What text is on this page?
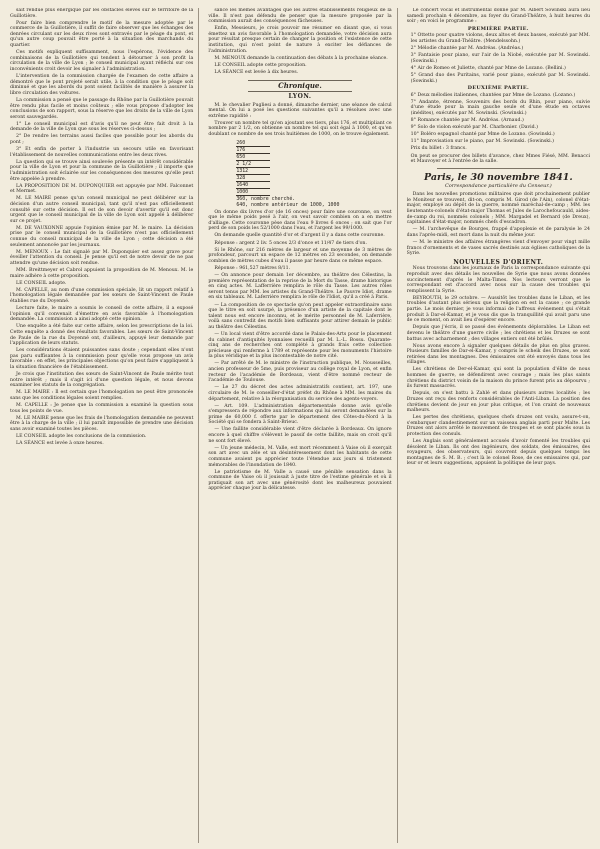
sait rendue plus énergique par les obstacles élevés sur le territoire de la Guillotière.

Pour faire bien comprendre le motif de la mesure adoptée par le commerce de la Guillotière, il suffit de faire observer que les échanges des denrées circulant sur les deux rives sont entravés par le péage du pont, et qu'un autre coup pouvait être porté à la situation des marchands du quartier.

Ces motifs expliquent suffisamment, nous l'espérons, l'évidence des combinaisons de la Guillotière qui tendent à détourner à son profit la circulation de la ville de Lyon ; le conseil municipal ayant réfléchi sur ces inconvénients croit devoir les signaler à l'administration.

L'intervention de la commission chargée de l'examen de cette affaire a démontré que le pont projeté serait utile, à la condition que le péage soit diminué et que les abords du pont soient facilités de manière à assurer la libre circulation des voitures.

La commission a pensé que le passage du Rhône par la Guillotière pouvait être rendu plus facile et moins coûteux ; elle vous propose d'adopter les conclusions de son rapport, sous la réserve que les droits de la ville de Lyon seront sauvegardés.

1° Le conseil municipal est d'avis qu'il ne peut être fait droit à la demande de la ville de Lyon que sous les réserves ci-dessus ;

2° De rendre les terrains aussi faciles que possible pour les abords du pont ;

3° Et enfin de porter à l'industrie un secours utile en favorisant l'établissement de nouvelles communications entre les deux rives.

La question qui se trouve ainsi soulevée présente un intérêt considérable pour la ville de Lyon et pour la commune de la Guillotière ; il importe que l'administration soit éclairée sur les conséquences des mesures qu'elle peut être appelée à prendre.

LA PROPOSITION DE M. DUPONQUIER est appuyée par MM. Falconnet et Mermet.

M. LE MAIRE pense qu'un conseil municipal ne peut délibérer sur la décision d'un autre conseil municipal, tant qu'il n'est pas officiellement consulté sur cette décision. Il est de son devoir d'avertir qu'il est donc urgent que le conseil municipal de la ville de Lyon soit appelé à délibérer sur ce projet.

M. DE VAUXONNE appuie l'opinion émise par M. le maire. La décision prise par le conseil municipal de la Guillotière n'est pas officiellement connue du conseil municipal de la ville de Lyon ; cette décision a été seulement annoncée par les journaux.

M. MENOUX : Le fait signalé par M. Duponquier est assez grave pour éveiller l'attention du conseil. Je pense qu'il est de notre devoir de ne pas attendre qu'une décision soit rendue.

MM. Breittmeyer et Cabrol appuient la proposition de M. Menoux. M. le maire adhère à cette proposition.

LE CONSEIL adopte.

M. CAPELLE, au nom d'une commission spéciale, lit un rapport relatif à l'homologation légale demandée par les sœurs de Saint-Vincent de Paule établies rue du Doyenné.

Lecture faite, le maire a soumis le conseil de cette affaire, il a exposé l'opinion qu'il convenait d'émettre en avis favorable à l'homologation demandée. La commission a ainsi adopté cette opinion.

Une enquête a été faite sur cette affaire, selon les prescriptions de la loi. Cette enquête a donné des résultats favorables. Les sœurs de Saint-Vincent de Paule de la rue du Doyenné ont, d'ailleurs, appuyé leur demande par l'application de leurs statuts.

Les considérations étaient puissantes sans doute ; cependant elles n'ont pas paru suffisantes à la commission pour qu'elle vous propose un avis favorable : en effet, les principales objections qu'on peut faire s'appliquent à la situation financière de l'établissement.

Je crois que l'institution des sœurs de Saint-Vincent de Paule mérite tout notre intérêt ; mais il s'agit ici d'une question légale, et nous devons examiner les statuts de la congrégation.

M. LE MAIRE : Il est certain que l'homologation ne peut être prononcée sans que les conditions légales soient remplies.

M. CAPELLE : Je pense que la commission a examiné la question sous tous les points de vue.

M. LE MAIRE pense que les frais de l'homologation demandée ne peuvent être à la charge de la ville ; il lui paraît impossible de prendre une décision sans avoir examiné toutes les pièces.

LE CONSEIL adopte les conclusions de la commission.

LA SÉANCE est levée à onze heures.

sance les mêmes avantages que les autres établissements religieux de la ville. Il n'est pas défendu de penser que la mesure proposée par la commission aurait des conséquences fâcheuses.

Enfin, Messieurs, je crois pouvoir me résumer en disant que, si vous émettez un avis favorable à l'homologation demandée, votre décision aura pour résultat presque certain de changer la position et l'existence de cette institution, qui n'est point de nature à exciter les défiances de l'administration.

M. MENOUX demande la continuation des débats à la prochaine séance.

LE CONSEIL adopte cette proposition.

LA SÉANCE est levée à dix heures.

Chronique.
LYON.

M. le chevalier Pugliesi a donné, dimanche dernier, une séance de calcul mental. On lui a posé les questions suivantes qu'il a résolues avec une extrême rapidité :

Trouver un nombre tel qu'en ajoutant ses tiers, plus 176, et multipliant ce nombre par 2 1/2, on obtienne un nombre tel qui soit égal à 1000, et qu'en doublant ce nombre de ses trois huitièmes de 1000, on le trouve également.

260
176
650
2 1/2
1312
328
1640
1000
360, nombre cherché.
640, nombre antérieur de 1000, 1000

On donne dix livres d'or (de 16 onces) pour faire une couronne, on veut que le même poids pesé à l'air, on veut savoir combien on a en mettre d'alliage. Cette couronne pèse dans l'eau 9 livres 6 onces ; on sait que l'or perd de son poids les 52/1000 dans l'eau, et l'argent les 99/1000.

On demande quelle quantité d'or et d'argent il y a dans cette couronne.

Réponse : argent 2 liv. 5 onces 2/3 d'once et 11/47 de tiers d'on.

Si le Rhône, sur 216 mètres de largeur et une moyenne de 3 mètres de profondeur, parcourt un espace de 12 mètres en 23 secondes, on demande combien de mètres cubes d'eau il passe par heure dans ce même espace.

Réponse : 961,527 mètres 8/11.

— On annonce pour demain 1er décembre, au théâtre des Célestins, la première représentation de la reprise de la Mort du Tasse, drame historique en cinq actes. M. Lafferrière remplira le rôle du Tasse. Les autres rôles seront tenus par MM. les artistes du Grand-Théâtre. Le Pauvre Idiot, drame en six tableaux. M. Laferrière remplira le rôle de l'Idiot, qu'il a créé à Paris.

— La composition de ce spectacle qu'on peut appeler extraordinaire sans que le titre en soit usurpé, la présence d'un artiste de la capitale dont le talent nous est encore inconnu, et le mérite personnel de M. Laferrière, voilà sans contredit des motifs bien suffisants pour attirer demain le public au théâtre des Célestins.

— Un local vient d'être accordé dans le Palais-des-Arts pour le placement du cabinet d'antiquités lyonnaises recueilli par M. L.-L. Bossu. Quarante-cinq ans de recherches ont complété à grands frais cette collection précieuse qui renferme à 1789 et représente pour les monuments l'histoire la plus véridique et la plus incontestable de notre cité.

— Par arrêté de M. le ministre de l'instruction publique, M. Nousseilles, ancien professeur de 5me, puis proviseur au collège royal de Lyon, et enfin recteur de l'académie de Bordeaux, vient d'être nommé recteur de l'académie de Toulouse.

— Le 27 du décret des actes administratifs contient, art. 197, une circulaire de M. le conseiller-d'état préfet du Rhône à MM. les maires du département, relative à la réorganisation du service des agents-voyers.

— Art. 109. L'administration départementale donne avis qu'elle s'empressera de répondre aux informations qui lui seront demandées sur la prime de 60,000 f. offerte par le département des Côtes-du-Nord à la Société qui se fondera à Saint-Brieuc.

— Une faillite considérable vient d'être déclarée à Bordeaux. On ignore encore à quel chiffre s'élèvent le passif de cette faillite, mais on croit qu'il ne sont fort élevé.

— Un jeune médecin, M. Valle, est mort récemment à Vaise où il exerçait son art avec un zèle et un désintéressement dont les habitants de cette commune avaient pu apprécier toute l'étendue aux jours si tristement mémorables de l'inondation de 1840.

Le patriotisme de M. Valle a causé une pénible sensation dans la commune de Vaise où il jouissait à juste titre de l'estime générale et où il pratiquait son art avec une générosité dont les malheureux pouvaient apprécier chaque jour la délicatesse.

Le concert vocal et instrumental donné par M. Albert Sowinski aura lieu samedi prochain 4 décembre, au foyer du Grand-Théâtre, à huit heures du soir ; en voici le programme :

PREMIÈRE PARTIE.

1° Ottetto pour quatre violons, deux altos et deux basses, exécuté par MM. les artistes du Grand-Théâtre. (Mendelssohn.)

2° Mélodie chantée par M. Andréas. (Andréas.)

3° Fantaisie pour piano, sur l'air de la Niobé, exécutée par M. Sowinski. (Sowinski.)

4° Air de Romeo et Juliette, chanté par Mme de Lozano. (Bellini.)

5° Grand duo des Puritains, varié pour piano, exécuté par M. Sowinski. (Sowinski.)

DEUXIÈME PARTIE.

6° Deux mélodies italiennes, chantées par Mme de Lozano. (Lozano.)

7° Andante, étrenne, Souvenirs des bords du Rhin, pour piano, suivie d'une étude pour la main gauche seule et d'une étude en octaves (inédites), exécutés par M. Sowinski. (Sowinski.)

8° Romance chantée par M. Andréas. (Arnaud.)

9° Solo de violon exécuté par M. Charbonier. (David.)

10° Boléro espagnol chanté par Mme de Lozano. (Sowinski.)

11° Improvisation sur le piano, par M. Sowinski. (Sowinski.)

Prix du billet : 3 francs.

On peut se procurer des billets d'avance, chez Mmes Fiésé, MM. Benacci et Mauvoyer et à l'entrée de la salle.

Paris, le 30 novembre 1841.
Correspondance particulière du Censeur.)

Dans les nouvelles promotions militaires que doit prochainement publier le Moniteur se trouvent, dit-on, compris M. Girod (de l'Ain), colonel d'état-major, employé au dépôt de la guerre, nommé maréchal-de-camp ; MM. les lieutenants-colonels d'état-major Thomas et Jules de Larochefoucauld, aides-de-camp du roi, nommés colonels ; MM. Margadel et Bernard (de Dreux), capitaines d'état-major, nommés chefs d'escadron.

— M. l'archevêque de Bourges, frappé d'apoplexie et de paralysie le 24 dans l'après-midi, est mort dans la nuit du même jour.

— M. le ministre des affaires étrangères vient d'envoyer pour vingt mille francs d'ornements et de vases sacrés destinés aux églises catholiques de la Syrie.

NOUVELLES D'ORIENT.

Nous trouvons dans les journaux de Paris la correspondance suivante qui reproduit avec des détails les nouvelles de Syrie que nous avons données succinctement d'après le Malta-Times. Nos lecteurs verront que le correspondant est d'accord avec nous sur la cause des troubles qui remplissent la Syrie.

BEYROUTH, le 29 octobre. — Aussitôt les troubles dans le Liban, et les troubles d'autant plus sérieux que la religion en est la cause ; ce grande partie. Le mois dernier, je vous informai de l'affreux événement qui s'était produit à Dar-el-Kamar, et je vous dis que la tranquillité qui avait paru une de ce moment, on avait lieu d'espérer encore.

Depuis que j'écris, il se passé des événements déplorables. Le Liban est devenu le théâtre d'une guerre civile ; les chrétiens et les Druzes se sont battus avec acharnement ; des villages entiers ont été brûlés.

Nous avons encore à signaler quelques détails de plus en plus graves. Plusieurs familles de Dar-el-Kamar, y compris le scheik des Druzes, se sont retirées dans les montagnes. Des émissaires ont été envoyés dans tous les villages.

Les chrétiens de Der-el-Kamar, qui sont la population d'élite de nous hommes de guerre, se défendirent avec courage ; mais les plus saints chrétiens du district voisin de la maison du prince furent pris au dépourvu ; ils furent massacrés.

Depuis, on s'est battu à Zahlé et dans plusieurs autres localités ; les Druzes ont reçu des renforts considérables de l'Anti-Liban. La position des chrétiens devient de jour en jour plus critique, et l'on craint de nouveaux malheurs.

Les pertes des chrétiens, quelques chefs druzes ont voulu, assure-t-on, s'embarquer clandestinement sur un vaisseau anglais parti pour Malte. Les Druzes ont alors arrêté le mouvement de troupes et se sont placés sous la protection des consuls.

Les Anglais sont généralement accusés d'avoir fomenté les troubles qui désolent le Liban. Ils ont des ingénieurs, des soldats, des émissaires, des voyageurs, des observateurs, qui couvrent depuis quelques temps les montagnes de S. M. B. ; c'est là le colonel Rose, de ces emissaires qui, par leur or et leurs suggestions, appuient la politique de leur pays.
